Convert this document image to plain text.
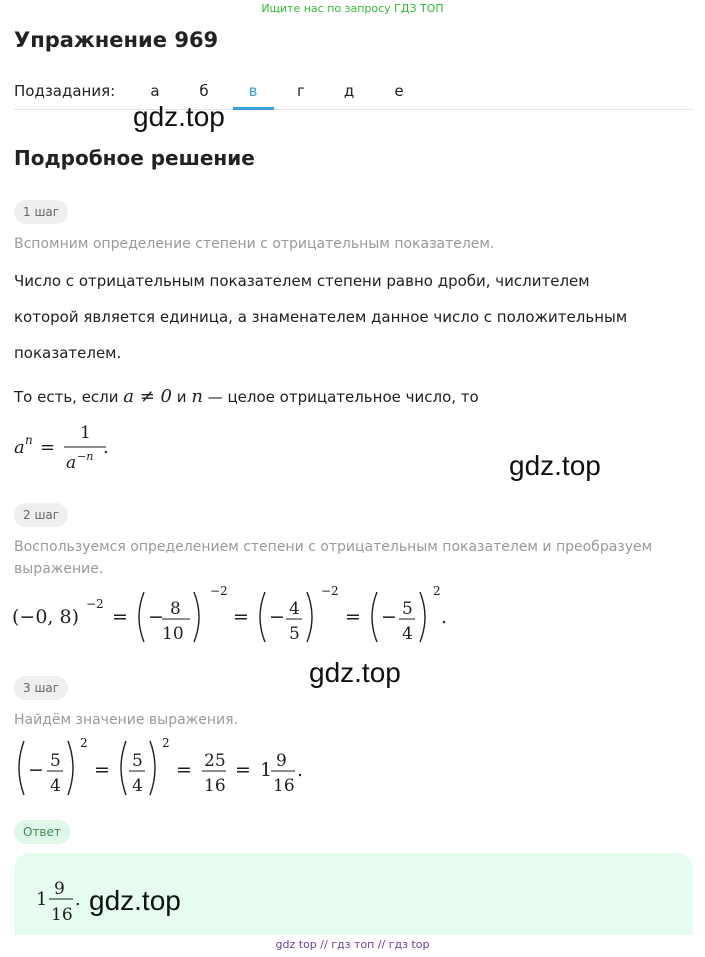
Ищите нас по запросу ГДЗ ТОП
Упражнение 969
Подзадания:	а	б	в	г	д	е
gdz.top
Подробное решение
1 шаг
Вспомним определение степени с отрицательным показателем.
Число с отрицательным показателем степени равно дроби, числителем
которой является единица, а знаменателем данное число с положительным
показателем.
То есть, если a ≠ 0 и n — целое отрицательное число, то
a n =
1
a −n .
gdz.top
2 шаг
Воспользуемся определением степени с отрицательным показателем и преобразуем выражение.
(−0, 8)
−2
= − 8
10
−2
= − 4
5
−2
= − 5
4
2
.
gdz.top
3 шаг
Найдём значение выражения.
− 5
4
2
= 5
4
2
= 25
16
= 1 9
16
.
Ответ
1 9
16
. gdz.top
gdz top // гдз топ // гдз top
